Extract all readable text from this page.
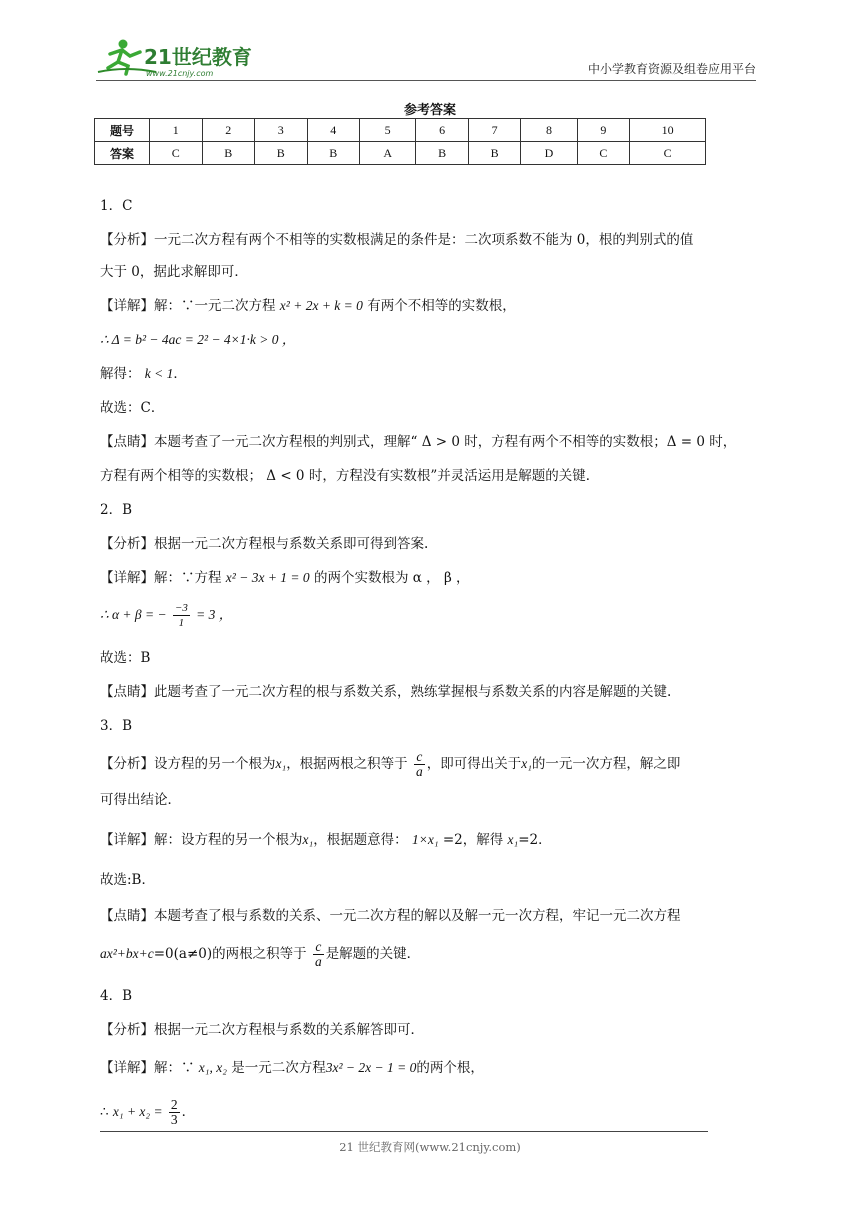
21世纪教育
www.21cnjy.com	中小学教育资源及组卷应用平台
参考答案
题号	1	2	3	4	5	6	7	8	9	10
答案	C	B	B	B	A	B	B	D	C	C
1．C
【分析】一元二次方程有两个不相等的实数根满足的条件是：二次项系数不能为 0，根的判别式的值
大于 0，据此求解即可．
【详解】解：∵一元二次方程 x² + 2x + k = 0 有两个不相等的实数根，
∴ Δ = b² − 4ac = 2² − 4×1·k > 0 ，
解得： k < 1．
故选：C．
【点睛】本题考查了一元二次方程根的判别式，理解“ Δ > 0 时，方程有两个不相等的实数根；Δ = 0 时，
方程有两个相等的实数根； Δ < 0 时，方程没有实数根”并灵活运用是解题的关键．
2．B
【分析】根据一元二次方程根与系数关系即可得到答案.
【详解】解：∵方程 x² − 3x + 1 = 0 的两个实数根为 α ， β ，
∴ α + β = − $\frac{-3}{1} = 3$ ，
故选：B
【点睛】此题考查了一元二次方程的根与系数关系，熟练掌握根与系数关系的内容是解题的关键.
3．B
【分析】设方程的另一个根为x₁，根据两根之积等于 $\frac{c}{a}$ ，即可得出关于x₁的一元一次方程，解之即
可得出结论．
【详解】解：设方程的另一个根为x₁，根据题意得： 1×x₁ =2，解得 x₁=2．
故选:B．
【点睛】本题考查了根与系数的关系、一元二次方程的解以及解一元一次方程，牢记一元二次方程
ax²+bx+c=0(a≠0)的两根之积等于 $\frac{c}{a}$ 是解题的关键．
4．B
【分析】根据一元二次方程根与系数的关系解答即可．
【详解】解：∵ x₁, x₂ 是一元二次方程3x² − 2x − 1 = 0的两个根，
∴ $x_1 + x_2 = \frac{2}{3}$ ．
21 世纪教育网(www.21cnjy.com)
